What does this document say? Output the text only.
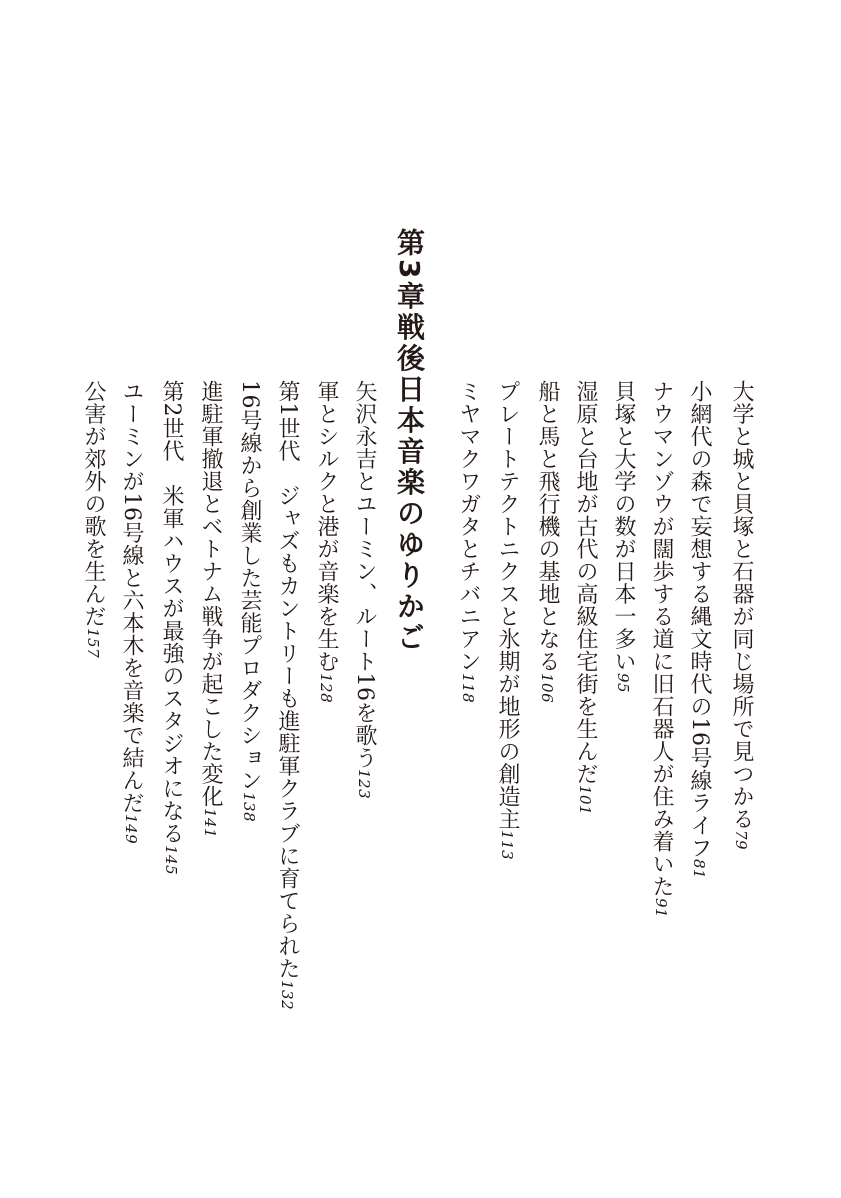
大学と城と貝塚と石器が同じ場所で見つかる79
小網代の森で妄想する縄文時代の16号線ライフ81
ナウマンゾウが闊歩する道に旧石器人が住み着いた91
貝塚と大学の数が日本一多い95
湿原と台地が古代の高級住宅街を生んだ101
船と馬と飛行機の基地となる106
プレートテクトニクスと氷期が地形の創造主113
ミヤマクワガタとチバニアン118
第3章戦後日本音楽のゆりかご
矢沢永吉とユーミン、ルート16を歌う123
軍とシルクと港が音楽を生む128
第1世代　ジャズもカントリーも進駐軍クラブに育てられた132
16号線から創業した芸能プロダクション138
進駐軍撤退とベトナム戦争が起こした変化141
第2世代　米軍ハウスが最強のスタジオになる145
ユーミンが16号線と六本木を音楽で結んだ149
公害が郊外の歌を生んだ157
